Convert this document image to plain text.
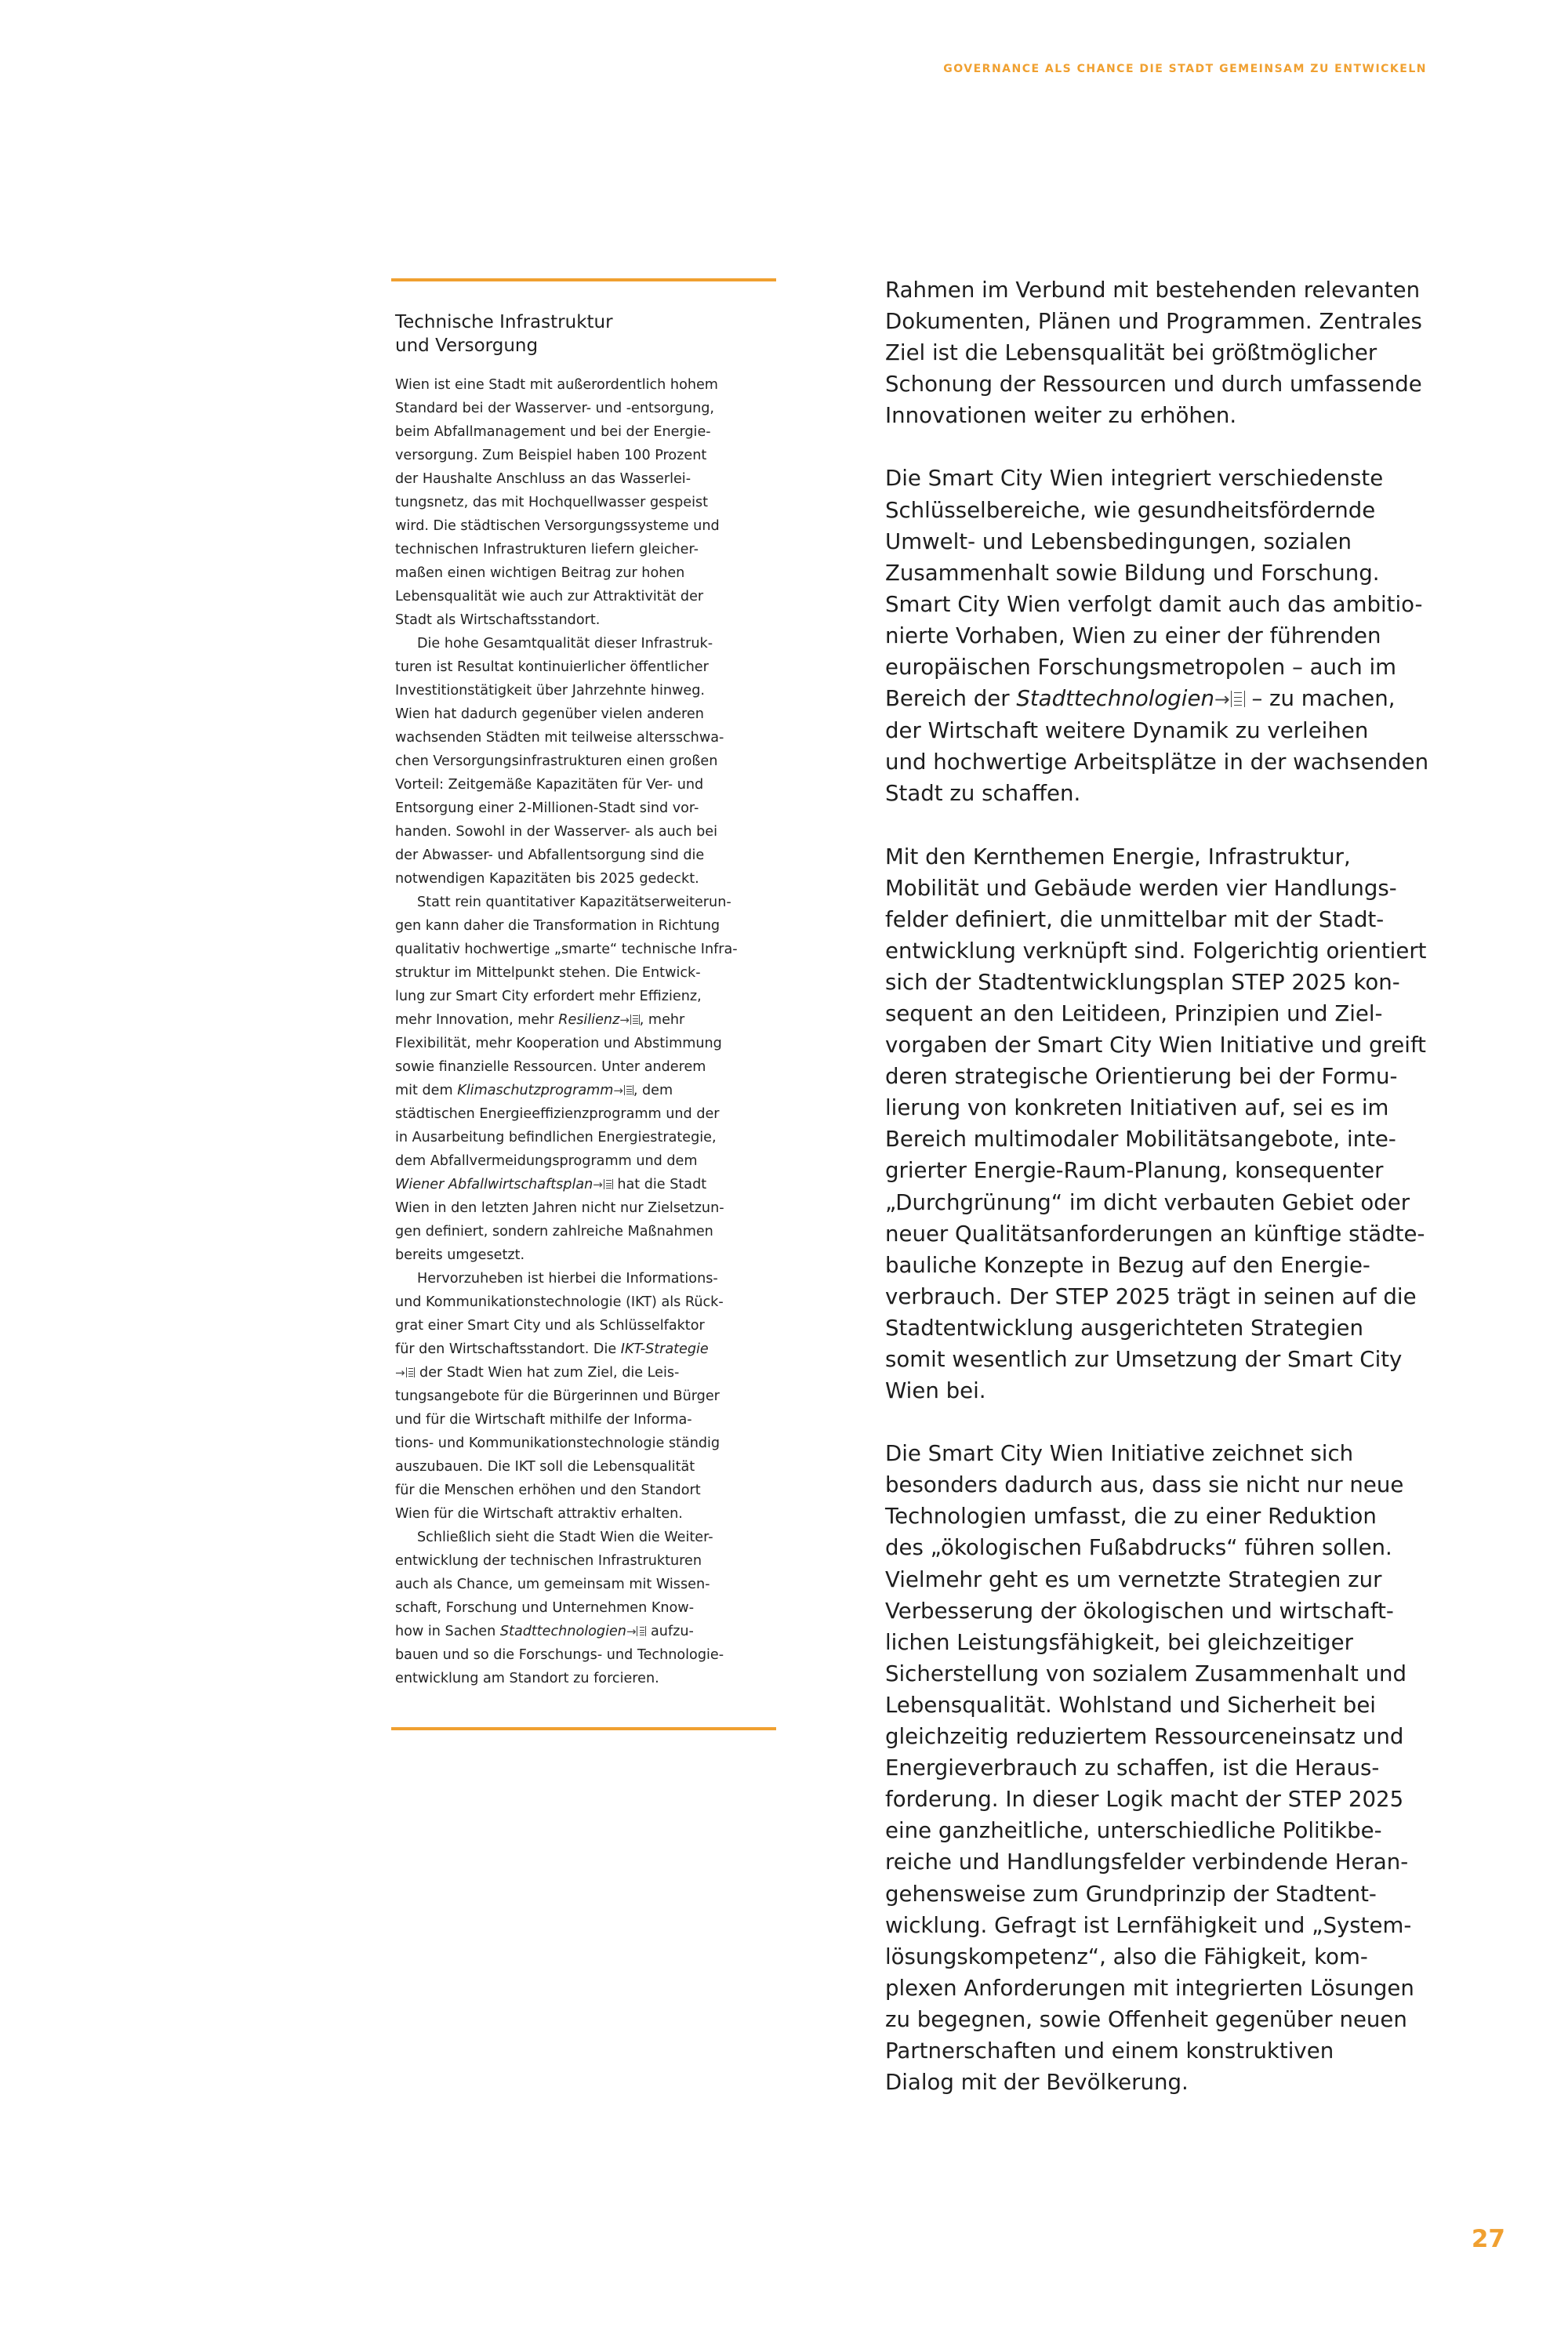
GOVERNANCE ALS CHANCE DIE STADT GEMEINSAM ZU ENTWICKELN
Technische Infrastruktur
und Versorgung

Wien ist eine Stadt mit außerordentlich hohem
Standard bei der Wasserver- und -entsorgung,
beim Abfallmanagement und bei der Energie-
versorgung. Zum Beispiel haben 100 Prozent
der Haushalte Anschluss an das Wasserlei-
tungsnetz, das mit Hochquellwasser gespeist
wird. Die städtischen Versorgungssysteme und
technischen Infrastrukturen liefern gleicher-
maßen einen wichtigen Beitrag zur hohen
Lebensqualität wie auch zur Attraktivität der
Stadt als Wirtschaftsstandort.

Die hohe Gesamtqualität dieser Infrastruk-
turen ist Resultat kontinuierlicher öffentlicher
Investitionstätigkeit über Jahrzehnte hinweg.
Wien hat dadurch gegenüber vielen anderen
wachsenden Städten mit teilweise altersschwa-
chen Versorgungsinfrastrukturen einen großen
Vorteil: Zeitgemäße Kapazitäten für Ver- und
Entsorgung einer 2-Millionen-Stadt sind vor-
handen. Sowohl in der Wasserver- als auch bei
der Abwasser- und Abfallentsorgung sind die
notwendigen Kapazitäten bis 2025 gedeckt.

Statt rein quantitativer Kapazitätserweiterun-
gen kann daher die Transformation in Richtung
qualitativ hochwertige „smarte“ technische Infra-
struktur im Mittelpunkt stehen. Die Entwick-
lung zur Smart City erfordert mehr Effizienz,
mehr Innovation, mehr Resilienz→ , mehr
Flexibilität, mehr Kooperation und Abstimmung
sowie finanzielle Ressourcen. Unter anderem
mit dem Klimaschutzprogramm→ , dem
städtischen Energieeffizienzprogramm und der
in Ausarbeitung befindlichen Energiestrategie,
dem Abfallvermeidungsprogramm und dem
Wiener Abfallwirtschaftsplan→ hat die Stadt
Wien in den letzten Jahren nicht nur Zielsetzun-
gen definiert, sondern zahlreiche Maßnahmen
bereits umgesetzt.

Hervorzuheben ist hierbei die Informations-
und Kommunikationstechnologie (IKT) als Rück-
grat einer Smart City und als Schlüsselfaktor
für den Wirtschaftsstandort. Die IKT-Strategie
→ der Stadt Wien hat zum Ziel, die Leis-
tungsangebote für die Bürgerinnen und Bürger
und für die Wirtschaft mithilfe der Informa-
tions- und Kommunikationstechnologie ständig
auszubauen. Die IKT soll die Lebensqualität
für die Menschen erhöhen und den Standort
Wien für die Wirtschaft attraktiv erhalten.

Schließlich sieht die Stadt Wien die Weiter-
entwicklung der technischen Infrastrukturen
auch als Chance, um gemeinsam mit Wissen-
schaft, Forschung und Unternehmen Know-
how in Sachen Stadttechnologien→ aufzu-
bauen und so die Forschungs- und Technologie-
entwicklung am Standort zu forcieren.

Rahmen im Verbund mit bestehenden relevanten
Dokumenten, Plänen und Programmen. Zentrales
Ziel ist die Lebensqualität bei größtmöglicher
Schonung der Ressourcen und durch umfassende
Innovationen weiter zu erhöhen.

Die Smart City Wien integriert verschiedenste
Schlüsselbereiche, wie gesundheitsfördernde
Umwelt- und Lebensbedingungen, sozialen
Zusammenhalt sowie Bildung und Forschung.
Smart City Wien verfolgt damit auch das ambitio-
nierte Vorhaben, Wien zu einer der führenden
europäischen Forschungsmetropolen – auch im
Bereich der Stadttechnologien→ – zu machen,
der Wirtschaft weitere Dynamik zu verleihen
und hochwertige Arbeitsplätze in der wachsenden
Stadt zu schaffen.

Mit den Kernthemen Energie, Infrastruktur,
Mobilität und Gebäude werden vier Handlungs-
felder definiert, die unmittelbar mit der Stadt-
entwicklung verknüpft sind. Folgerichtig orientiert
sich der Stadtentwicklungsplan STEP 2025 kon-
sequent an den Leitideen, Prinzipien und Ziel-
vorgaben der Smart City Wien Initiative und greift
deren strategische Orientierung bei der Formu-
lierung von konkreten Initiativen auf, sei es im
Bereich multimodaler Mobilitätsangebote, inte-
grierter Energie-Raum-Planung, konsequenter
„Durchgrünung“ im dicht verbauten Gebiet oder
neuer Qualitätsanforderungen an künftige städte-
bauliche Konzepte in Bezug auf den Energie-
verbrauch. Der STEP 2025 trägt in seinen auf die
Stadtentwicklung ausgerichteten Strategien
somit wesentlich zur Umsetzung der Smart City
Wien bei.

Die Smart City Wien Initiative zeichnet sich
besonders dadurch aus, dass sie nicht nur neue
Technologien umfasst, die zu einer Reduktion
des „ökologischen Fußabdrucks“ führen sollen.
Vielmehr geht es um vernetzte Strategien zur
Verbesserung der ökologischen und wirtschaft-
lichen Leistungsfähigkeit, bei gleichzeitiger
Sicherstellung von sozialem Zusammenhalt und
Lebensqualität. Wohlstand und Sicherheit bei
gleichzeitig reduziertem Ressourceneinsatz und
Energieverbrauch zu schaffen, ist die Heraus-
forderung. In dieser Logik macht der STEP 2025
eine ganzheitliche, unterschiedliche Politikbe-
reiche und Handlungsfelder verbindende Heran-
gehensweise zum Grundprinzip der Stadtent-
wicklung. Gefragt ist Lernfähigkeit und „System-
lösungskompetenz“, also die Fähigkeit, kom-
plexen Anforderungen mit integrierten Lösungen
zu begegnen, sowie Offenheit gegenüber neuen
Partnerschaften und einem konstruktiven
Dialog mit der Bevölkerung.

27
